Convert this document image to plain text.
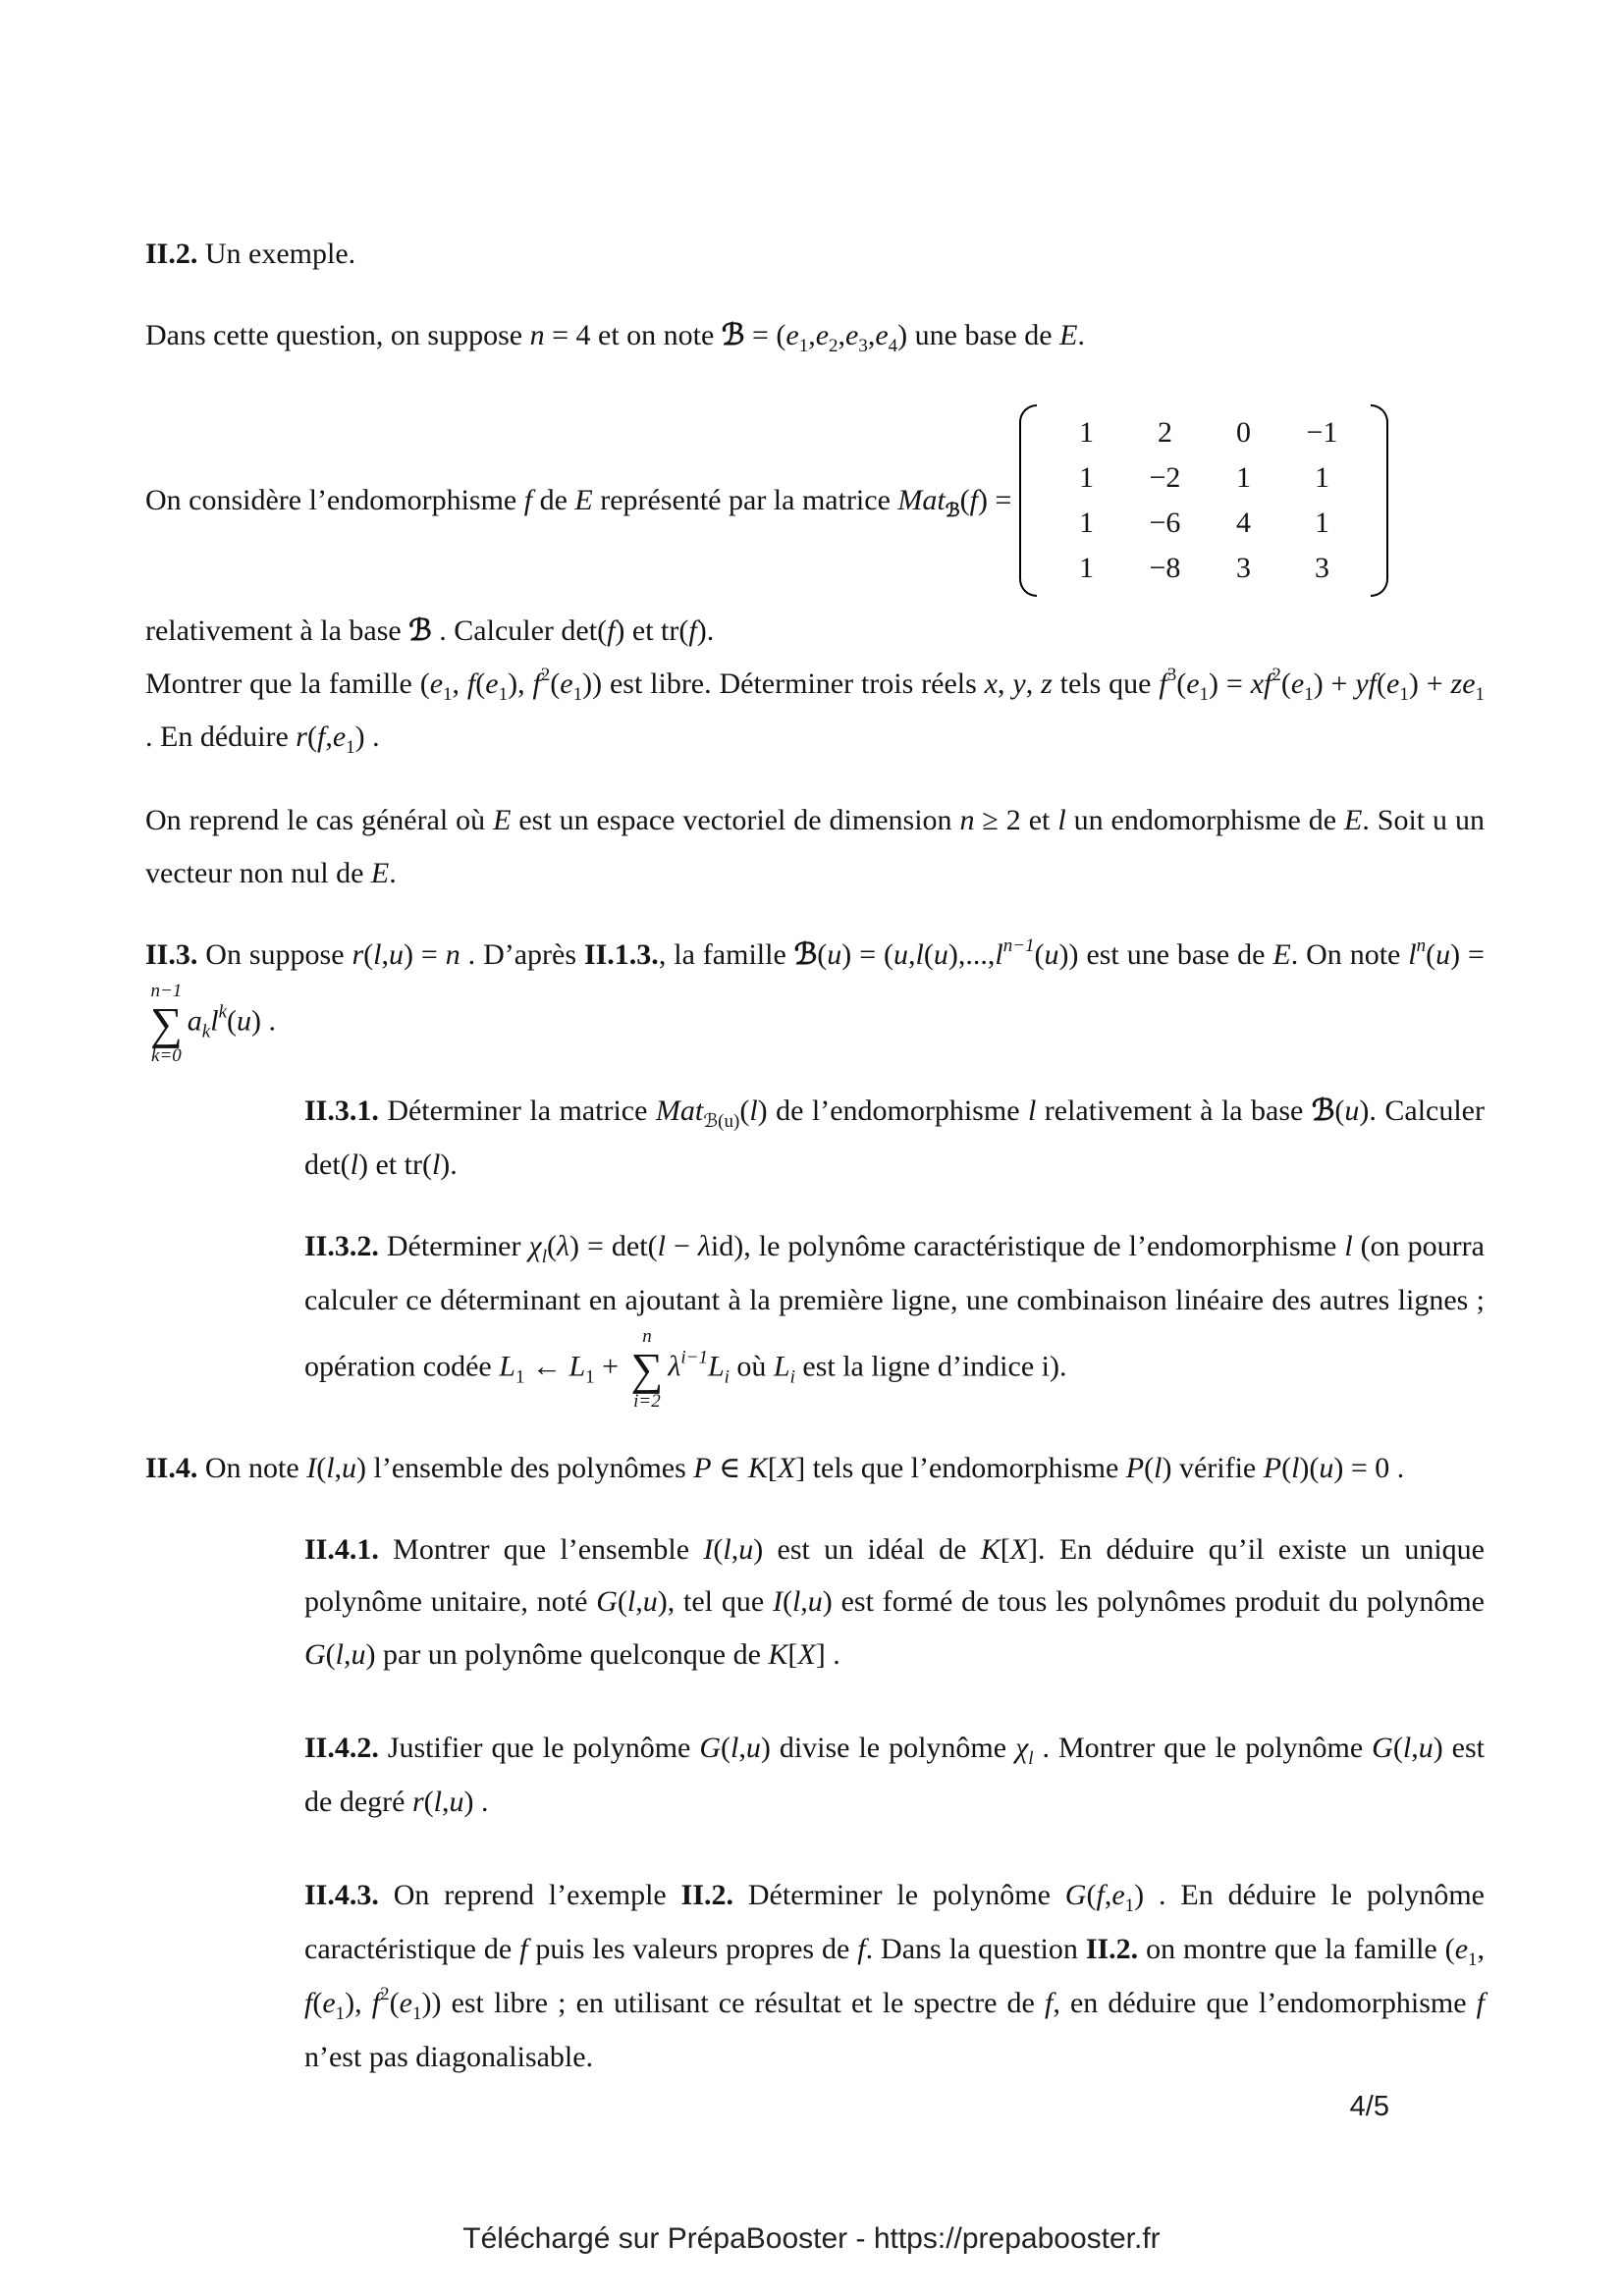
II.2. Un exemple.
Dans cette question, on suppose n = 4 et on note ℬ = $(e_1,e_2,e_3,e_4)$ une base de E.
On considère l’endomorphisme f de E représenté par la matrice Mat$_ℬ$(f) =
1	2	0	−1
1	−2	1	1
1	−6	4	1
1	−8	3	3
relativement à la base ℬ . Calculer det(f) et tr(f).
Montrer que la famille ($e_1$, $f(e_1)$, $f^2(e_1)$) est libre. Déterminer trois réels x, y, z tels que $f^3(e_1) = xf^2(e_1) + yf(e_1) + ze_1$ . En déduire $r(f,e_1)$ .
On reprend le cas général où E est un espace vectoriel de dimension n ≥ 2 et l un endomorphisme de E. Soit u un vecteur non nul de E.
II.3. On suppose r(l,u) = n . D’après II.1.3., la famille ℬ(u) = $(u,l(u),...,l^{n-1}(u))$ est une base de E. On note $l^n(u)$ =
n−1
∑
k=0
$a_kl^k(u)$ .
II.3.1. Déterminer la matrice Mat$_{ℬ(u)}$(l) de l’endomorphisme l relativement à la base ℬ(u). Calculer det(l) et tr(l).
II.3.2. Déterminer $\chi_l(\lambda) = \det(l - \lambda id)$, le polynôme caractéristique de l’endomorphisme l (on pourra calculer ce déterminant en ajoutant à la première ligne, une combinaison linéaire des autres lignes ; opération codée $L_1$ ← $L_1$ +
n
∑
i=2
$\lambda^{i-1}L_i$ où $L_i$ est la ligne d’indice i).
II.4. On note I(l,u) l’ensemble des polynômes P ∈ K[X] tels que l’endomorphisme P(l) vérifie P(l)(u) = 0 .
II.4.1. Montrer que l’ensemble I(l,u) est un idéal de K[X]. En déduire qu’il existe un unique polynôme unitaire, noté G(l,u), tel que I(l,u) est formé de tous les polynômes produit du polynôme G(l,u) par un polynôme quelconque de K[X] .
II.4.2. Justifier que le polynôme G(l,u) divise le polynôme $\chi_l$ . Montrer que le polynôme G(l,u) est de degré r(l,u) .
II.4.3. On reprend l’exemple II.2. Déterminer le polynôme $G(f,e_1)$ . En déduire le polynôme caractéristique de f puis les valeurs propres de f. Dans la question II.2. on montre que la famille ($e_1$, $f(e_1)$, $f^2(e_1)$) est libre ; en utilisant ce résultat et le spectre de f, en déduire que l’endomorphisme f n’est pas diagonalisable.
4/5
Téléchargé sur PrépaBooster - https://prepabooster.fr
